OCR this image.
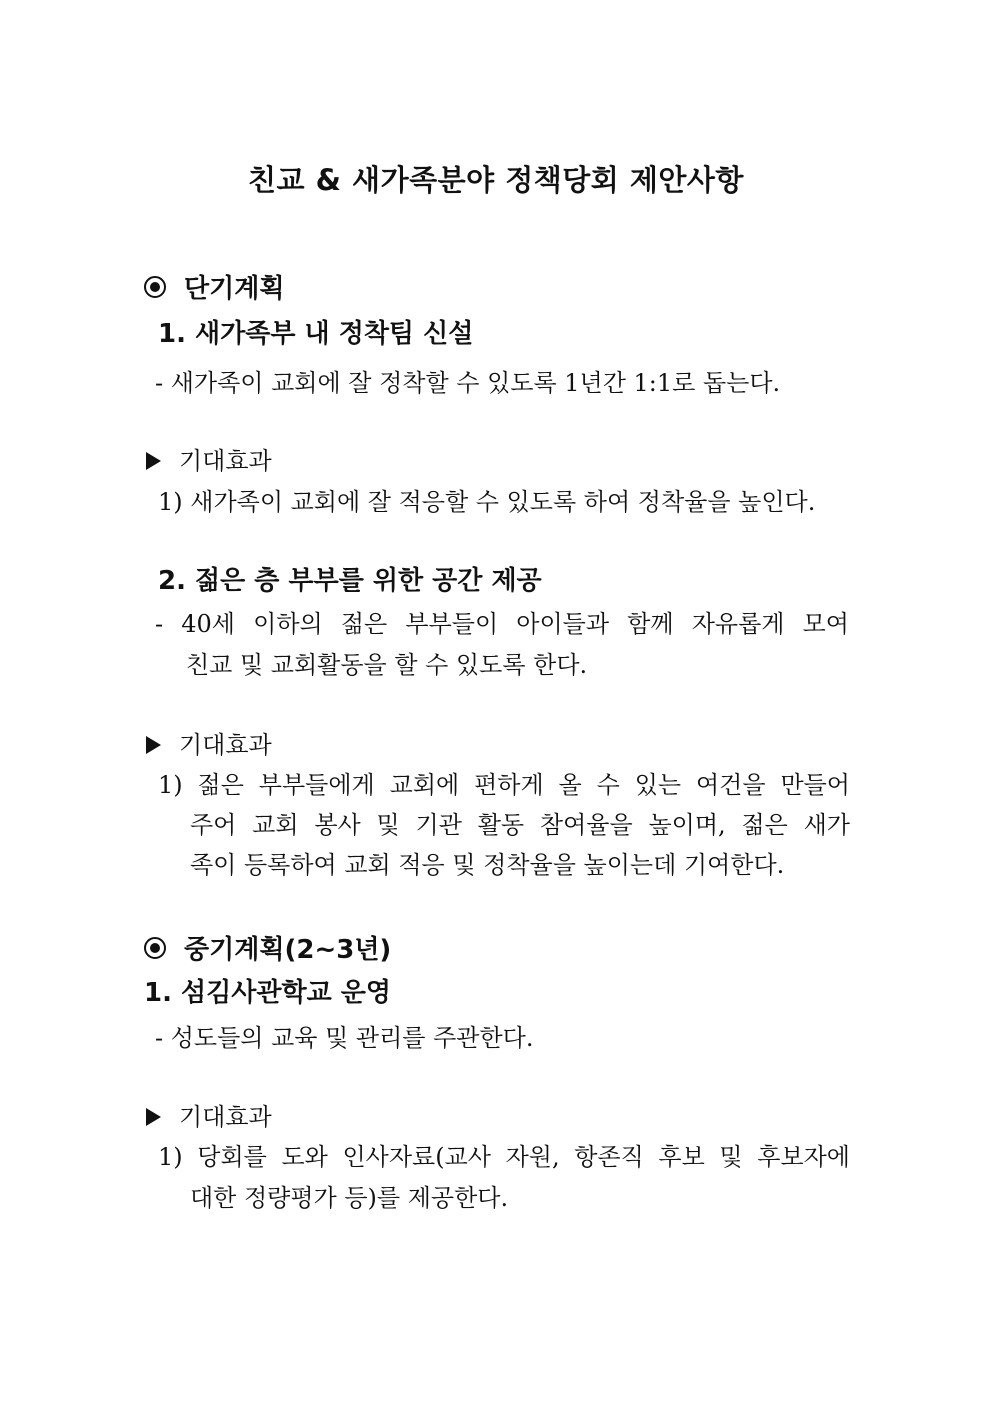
친교 & 새가족분야 정책당회 제안사항
단기계획
1. 새가족부 내 정착팀 신설
- 새가족이 교회에 잘 정착할 수 있도록 1년간 1:1로 돕는다.
기대효과
1) 새가족이 교회에 잘 적응할 수 있도록 하여 정착율을 높인다.
2. 젊은 층 부부를 위한 공간 제공
- 40세 이하의 젊은 부부들이 아이들과 함께 자유롭게 모여
친교 및 교회활동을 할 수 있도록 한다.
기대효과
1) 젊은 부부들에게 교회에 편하게 올 수 있는 여건을 만들어
주어 교회 봉사 및 기관 활동 참여율을 높이며, 젊은 새가
족이 등록하여 교회 적응 및 정착율을 높이는데 기여한다.
중기계획(2~3년)
1. 섬김사관학교 운영
- 성도들의 교육 및 관리를 주관한다.
기대효과
1) 당회를 도와 인사자료(교사 자원, 항존직 후보 및 후보자에
대한 정량평가 등)를 제공한다.
